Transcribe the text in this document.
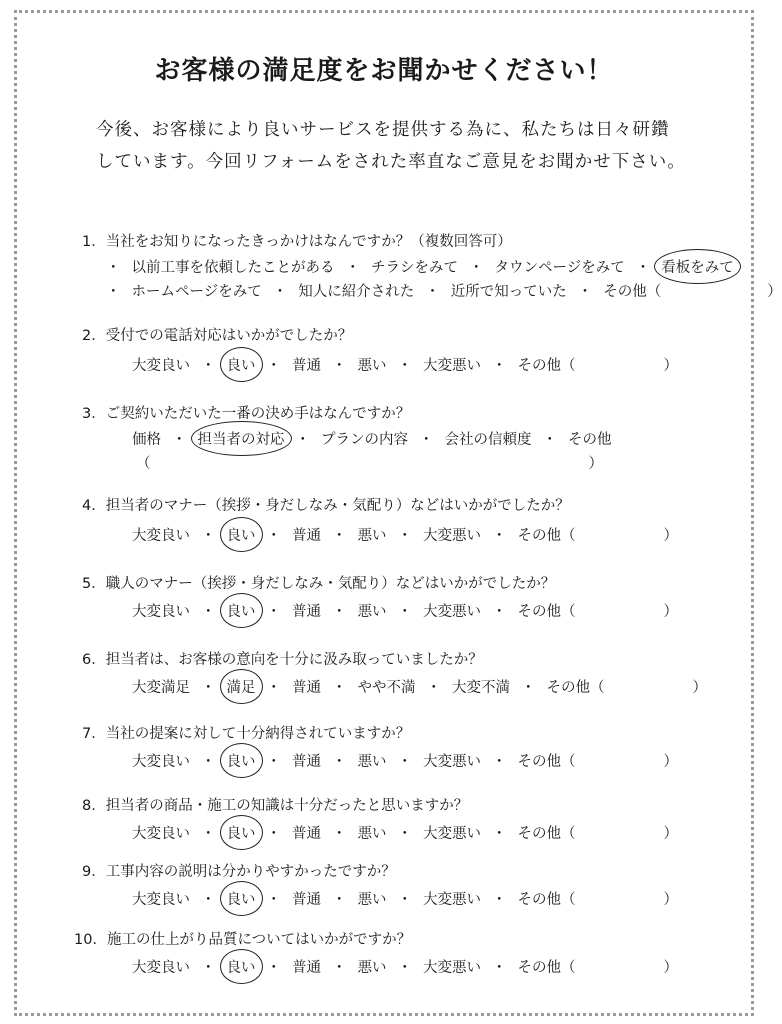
お客様の満足度をお聞かせください！

今後、お客様により良いサービスを提供する為に、私たちは日々研鑽

しています。今回リフォームをされた率直なご意見をお聞かせ下さい。

1．当社をお知りになったきっかけはなんですか？（複数回答可）

・ 以前工事を依頼したことがある ・ チラシをみて ・ タウンページをみて ・ 看板をみて

・ ホームページをみて ・ 知人に紹介された ・ 近所で知っていた ・ その他（	）

2．受付での電話対応はいかがでしたか？

大変良い ・ 良い ・ 普通 ・ 悪い ・ 大変悪い ・ その他（	）

3．ご契約いただいた一番の決め手はなんですか？

価格 ・ 担当者の対応 ・ プランの内容 ・ 会社の信頼度 ・ その他

（	）

4．担当者のマナー（挨拶・身だしなみ・気配り）などはいかがでしたか？

大変良い ・ 良い ・ 普通 ・ 悪い ・ 大変悪い ・ その他（	）

5．職人のマナー（挨拶・身だしなみ・気配り）などはいかがでしたか？

大変良い ・ 良い ・ 普通 ・ 悪い ・ 大変悪い ・ その他（	）

6．担当者は、お客様の意向を十分に汲み取っていましたか？

大変満足 ・ 満足 ・ 普通 ・ やや不満 ・ 大変不満 ・ その他（	）

7．当社の提案に対して十分納得されていますか？

大変良い ・ 良い ・ 普通 ・ 悪い ・ 大変悪い ・ その他（	）

8．担当者の商品・施工の知識は十分だったと思いますか？

大変良い ・ 良い ・ 普通 ・ 悪い ・ 大変悪い ・ その他（	）

9．工事内容の説明は分かりやすかったですか？

大変良い ・ 良い ・ 普通 ・ 悪い ・ 大変悪い ・ その他（	）

10．施工の仕上がり品質についてはいかがですか？

大変良い ・ 良い ・ 普通 ・ 悪い ・ 大変悪い ・ その他（	）
